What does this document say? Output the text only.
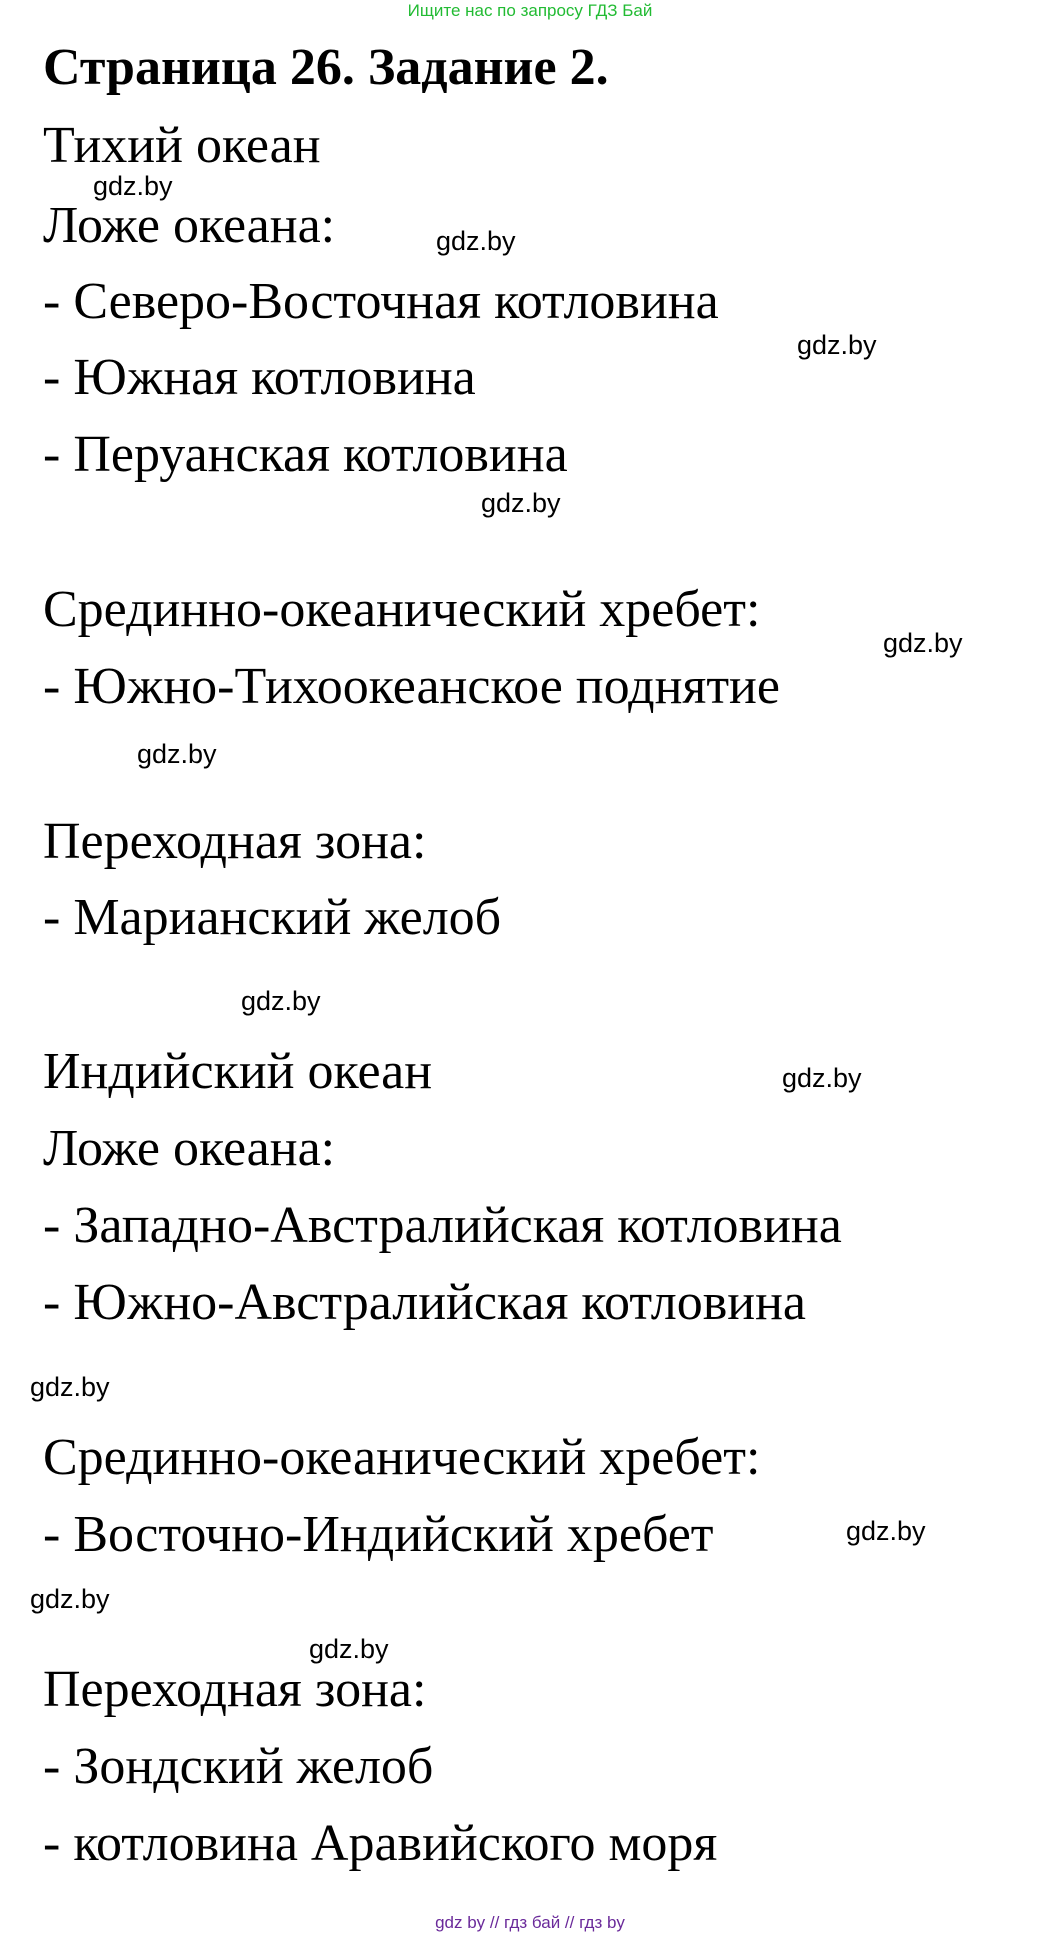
Ищите нас по запросу ГДЗ Бай
Страница 26. Задание 2.
Тихий океан
Ложе океана:
- Северо-Восточная котловина
- Южная котловина
- Перуанская котловина
Срединно-океанический хребет:
- Южно-Тихоокеанское поднятие
Переходная зона:
- Марианский желоб
Индийский океан
Ложе океана:
- Западно-Австралийская котловина
- Южно-Австралийская котловина
Срединно-океанический хребет:
- Восточно-Индийский хребет
Переходная зона:
- Зондский желоб
- котловина Аравийского моря
gdz.by
gdz.by
gdz.by
gdz.by
gdz.by
gdz.by
gdz.by
gdz.by
gdz.by
gdz.by
gdz.by
gdz.by
gdz by // гдз бай // гдз by
